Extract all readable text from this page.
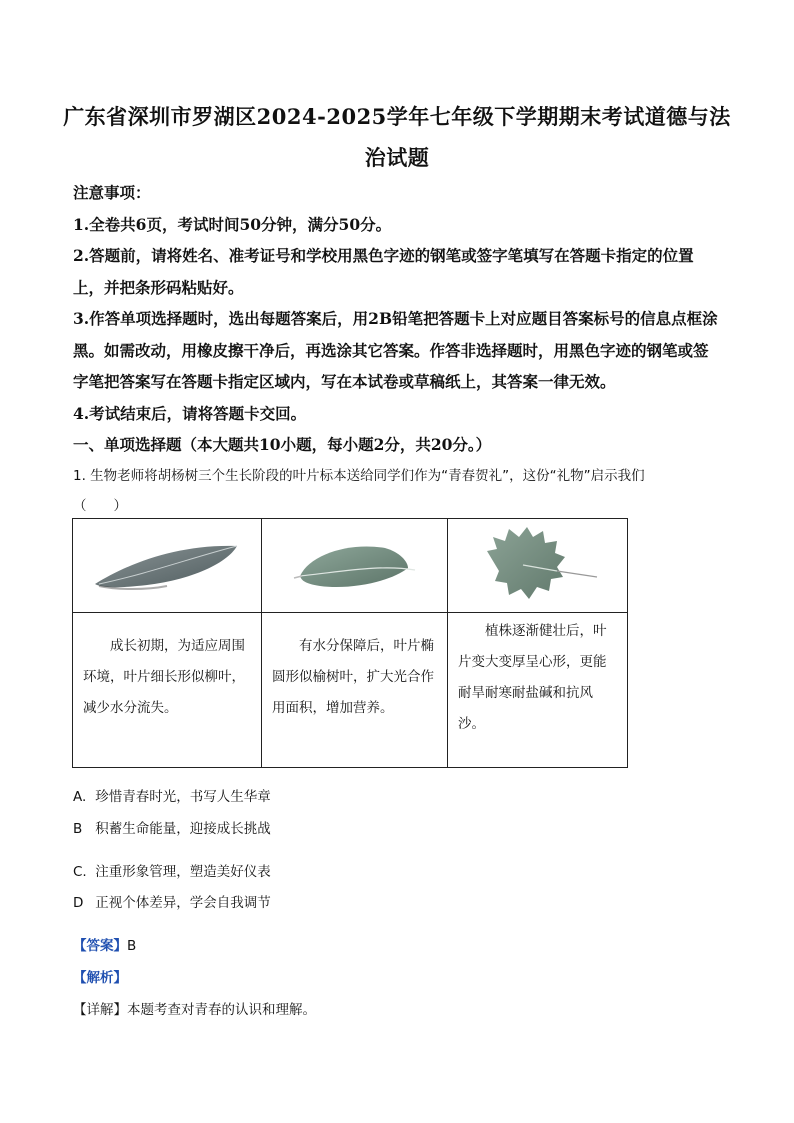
广东省深圳市罗湖区2024-2025学年七年级下学期期末考试道德与法
治试题
注意事项：
1.全卷共6页，考试时间50分钟，满分50分。
2.答题前，请将姓名、准考证号和学校用黑色字迹的钢笔或签字笔填写在答题卡指定的位置上，并把条形码粘贴好。
3.作答单项选择题时，选出每题答案后，用2B铅笔把答题卡上对应题目答案标号的信息点框涂黑。如需改动，用橡皮擦干净后，再选涂其它答案。作答非选择题时，用黑色字迹的钢笔或签字笔把答案写在答题卡指定区域内，写在本试卷或草稿纸上，其答案一律无效。
4.考试结束后，请将答题卡交回。
一、单项选择题（本大题共10小题，每小题2分，共20分。）
1. 生物老师将胡杨树三个生长阶段的叶片标本送给同学们作为“青春贺礼”，这份“礼物”启示我们
（　　）

成长初期，为适应周围环境，叶片细长形似柳叶，减少水分流失。	有水分保障后，叶片椭圆形似榆树叶，扩大光合作用面积，增加营养。	植株逐渐健壮后，叶片变大变厚呈心形，更能耐旱耐寒耐盐碱和抗风沙。
A. 珍惜青春时光，书写人生华章
B 积蓄生命能量，迎接成长挑战
C. 注重形象管理，塑造美好仪表
D 正视个体差异，学会自我调节
【答案】B
【解析】
【详解】本题考查对青春的认识和理解。
